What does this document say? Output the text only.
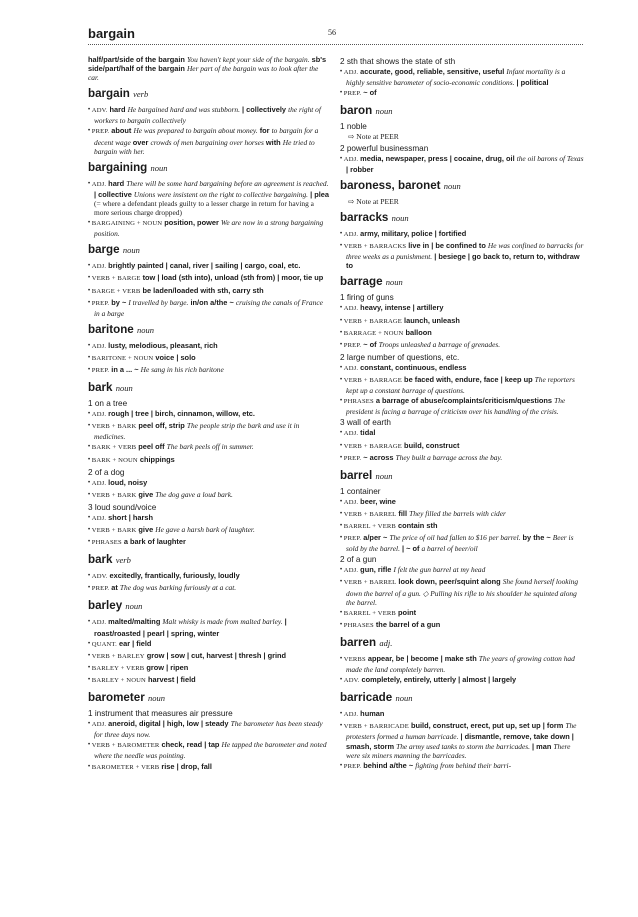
bargain	56
half/part/side of the bargain You haven't kept your side of the bargain. sb's side/part/half of the bargain Her part of the bargain was to look after the car.
bargain verb
• ADV. hard He bargained hard and was stubborn. | collectively the right of workers to bargain collectively
• PREP. about He was prepared to bargain about money. for to bargain for a decent wage over crowds of men bargaining over horses with He tried to bargain with her.
bargaining noun
• ADJ. hard There will be some hard bargaining before an agreement is reached. | collective Unions were insistent on the right to collective bargaining. | plea (= where a defendant pleads guilty to a lesser charge in return for having a more serious charge dropped)
• BARGAINING + NOUN position, power We are now in a strong bargaining position.
barge noun
• ADJ. brightly painted | canal, river | sailing | cargo, coal, etc.
• VERB + BARGE tow | load (sth into), unload (sth from) | moor, tie up
• BARGE + VERB be laden/loaded with sth, carry sth
• PREP. by ~ I travelled by barge. in/on a/the ~ cruising the canals of France in a barge
baritone noun
• ADJ. lusty, melodious, pleasant, rich
• BARITONE + NOUN voice | solo
• PREP. in a ... ~ He sang in his rich baritone
bark noun
1 on a tree
• ADJ. rough | tree | birch, cinnamon, willow, etc.
• VERB + BARK peel off, strip The people strip the bark and use it in medicines.
• BARK + VERB peel off The bark peels off in summer.
• BARK + NOUN chippings
2 of a dog
• ADJ. loud, noisy
• VERB + BARK give The dog gave a loud bark.
3 loud sound/voice
• ADJ. short | harsh
• VERB + BARK give He gave a harsh bark of laughter.
• PHRASES a bark of laughter
bark verb
• ADV. excitedly, frantically, furiously, loudly
• PREP. at The dog was barking furiously at a cat.
barley noun
• ADJ. malted/malting Malt whisky is made from malted barley. | roast/roasted | pearl | spring, winter
• QUANT. ear | field
• VERB + BARLEY grow | sow | cut, harvest | thresh | grind
• BARLEY + VERB grow | ripen
• BARLEY + NOUN harvest | field
barometer noun
1 instrument that measures air pressure
• ADJ. aneroid, digital | high, low | steady The barometer has been steady for three days now.
• VERB + BAROMETER check, read | tap He tapped the barometer and noted where the needle was pointing.
• BAROMETER + VERB rise | drop, fall
2 sth that shows the state of sth
• ADJ. accurate, good, reliable, sensitive, useful Infant mortality is a highly sensitive barometer of socio-economic conditions. | political
• PREP. ~ of
baron noun
1 noble
⇨ Note at PEER
2 powerful businessman
• ADJ. media, newspaper, press | cocaine, drug, oil the oil barons of Texas | robber
baroness, baronet noun
⇨ Note at PEER
barracks noun
• ADJ. army, military, police | fortified
• VERB + BARRACKS live in | be confined to He was confined to barracks for three weeks as a punishment. | besiege | go back to, return to, withdraw to
barrage noun
1 firing of guns
• ADJ. heavy, intense | artillery
• VERB + BARRAGE launch, unleash
• BARRAGE + NOUN balloon
• PREP. ~ of Troops unleashed a barrage of grenades.
2 large number of questions, etc.
• ADJ. constant, continuous, endless
• VERB + BARRAGE be faced with, endure, face | keep up The reporters kept up a constant barrage of questions.
• PHRASES a barrage of abuse/complaints/criticism/questions The president is facing a barrage of criticism over his handling of the crisis.
3 wall of earth
• ADJ. tidal
• VERB + BARRAGE build, construct
• PREP. ~ across They built a barrage across the bay.
barrel noun
1 container
• ADJ. beer, wine
• VERB + BARREL fill They filled the barrels with cider
• BARREL + VERB contain sth
• PREP. a/per ~ The price of oil had fallen to $16 per barrel. by the ~ Beer is sold by the barrel. | ~ of a barrel of beer/oil
2 of a gun
• ADJ. gun, rifle I felt the gun barrel at my head
• VERB + BARREL look down, peer/squint along She found herself looking down the barrel of a gun. ◇ Pulling his rifle to his shoulder he squinted along the barrel.
• BARREL + VERB point
• PHRASES the barrel of a gun
barren adj.
• VERBS appear, be | become | make sth The years of growing cotton had made the land completely barren.
• ADV. completely, entirely, utterly | almost | largely
barricade noun
• ADJ. human
• VERB + BARRICADE build, construct, erect, put up, set up | form The protesters formed a human barricade. | dismantle, remove, take down | smash, storm The army used tanks to storm the barricades. | man There were six miners manning the barricades.
• PREP. behind a/the ~ fighting from behind their barri-
